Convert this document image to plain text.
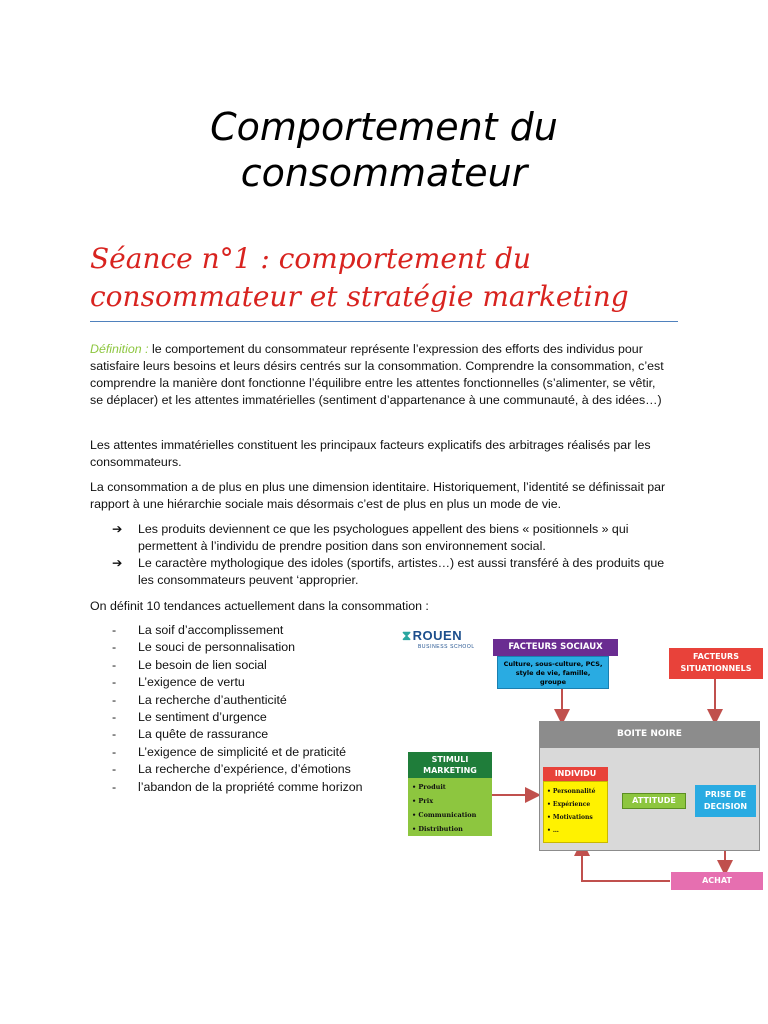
Comportement du
consommateur
Séance n°1 : comportement du
consommateur et stratégie marketing
Définition : le comportement du consommateur représente l’expression des efforts des individus pour satisfaire leurs besoins et leurs désirs centrés sur la consommation. Comprendre la consommation, c’est comprendre la manière dont fonctionne l’équilibre entre les attentes fonctionnelles (s’alimenter, se vêtir, se déplacer) et les attentes immatérielles (sentiment d’appartenance à une communauté, à des idées…)
Les attentes immatérielles constituent les principaux facteurs explicatifs des arbitrages réalisés par les consommateurs.
La consommation a de plus en plus une dimension identitaire. Historiquement, l’identité se définissait par rapport à une hiérarchie sociale mais désormais c’est de plus en plus un mode de vie.
➔	Les produits deviennent ce que les psychologues appellent des biens « positionnels » qui permettent à l’individu de prendre position dans son environnement social.
➔	Le caractère mythologique des idoles (sportifs, artistes…) est aussi transféré à des produits que les consommateurs peuvent ‘approprier.
On définit 10 tendances actuellement dans la consommation :
-	La soif d’accomplissement
-	Le souci de personnalisation
-	Le besoin de lien social
-	L’exigence de vertu
-	La recherche d’authenticité
-	Le sentiment d’urgence
-	La quête de rassurance
-	L’exigence de simplicité et de praticité
-	La recherche d’expérience, d’émotions
-	l’abandon de la propriété comme horizon
⧗ROUEN
BUSINESS SCHOOL	FACTEURS SOCIAUX
Culture, sous-culture, PCS, style de vie, famille, groupe
FACTEURS SITUATIONNELS
BOITE NOIRE
STIMULI MARKETING
• Produit
• Prix
• Communication
• Distribution
INDIVIDU
• Personnalité
• Expérience
• Motivations
• …
ATTITUDE
PRISE DE DECISION
ACHAT
